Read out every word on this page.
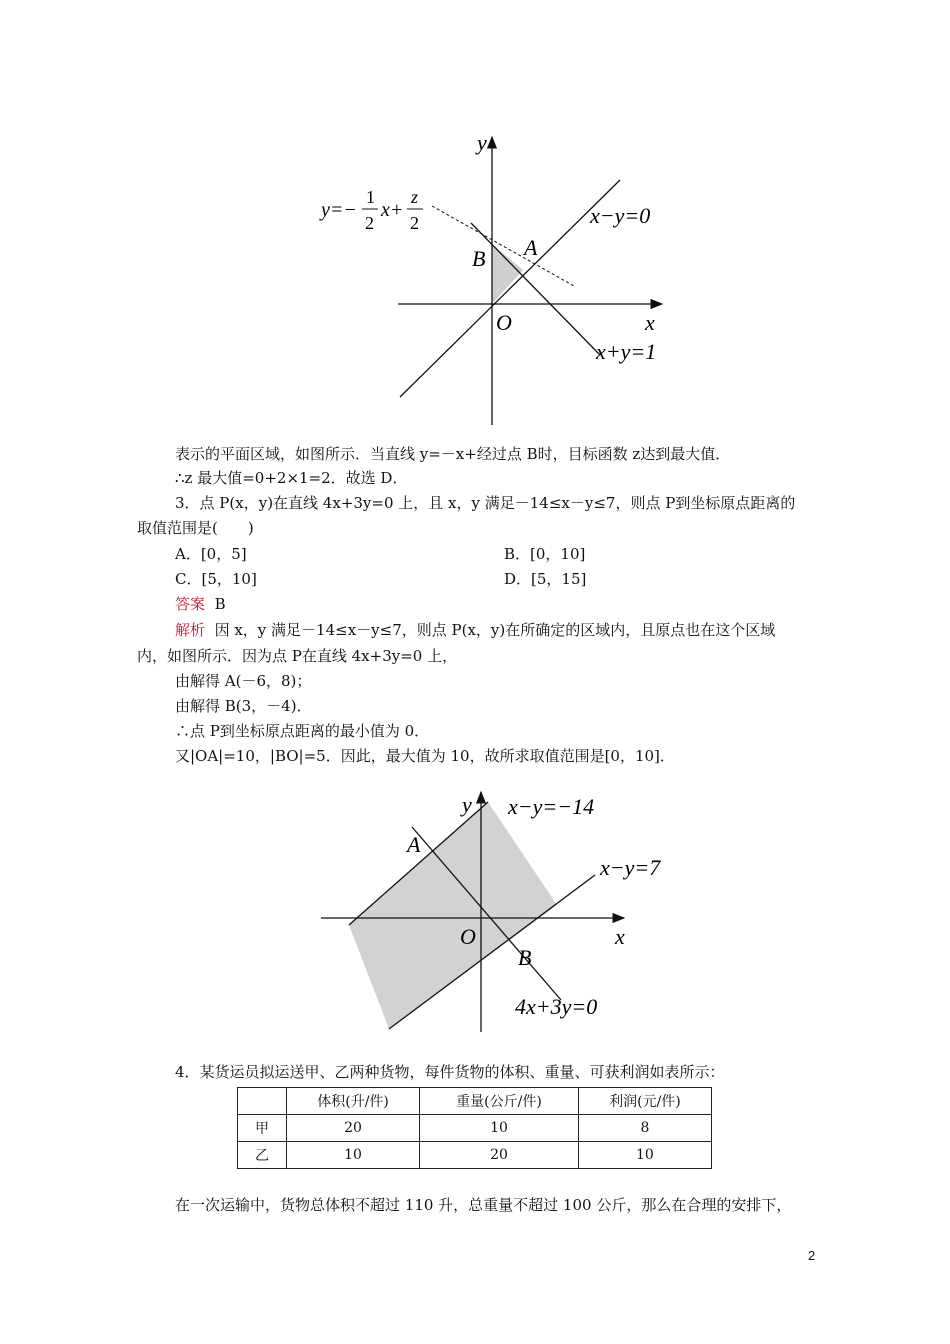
y
x
O
B A
x−y=0
x+y=1
y=−
1
2
x+
z
2
表示的平面区域，如图所示．当直线 y=－x+经过点 B时，目标函数 z达到最大值．
∴z 最大值=0+2×1=2．故选 D．
3．点 P(x，y)在直线 4x+3y=0 上，且 x，y 满足－14≤x－y≤7，则点 P到坐标原点距离的
取值范围是(　　)
A．[0，5]	B．[0，10]
C．[5，10]	D．[5，15]
答案 B
解析 因 x，y 满足－14≤x－y≤7，则点 P(x，y)在所确定的区域内，且原点也在这个区域
内，如图所示．因为点 P在直线 4x+3y=0 上，
由解得 A(－6，8)；
由解得 B(3，－4)．
∴点 P到坐标原点距离的最小值为 0．
又|OA|=10，|BO|=5．因此，最大值为 10，故所求取值范围是[0，10]．
y
x
O
A
B
x−y=−14
x−y=7
4x+3y=0
4．某货运员拟运送甲、乙两种货物，每件货物的体积、重量、可获利润如表所示：
	体积(升/件)	重量(公斤/件)	利润(元/件)
甲	20	10	8
乙	10	20	10
在一次运输中，货物总体积不超过 110 升，总重量不超过 100 公斤，那么在合理的安排下，
2
